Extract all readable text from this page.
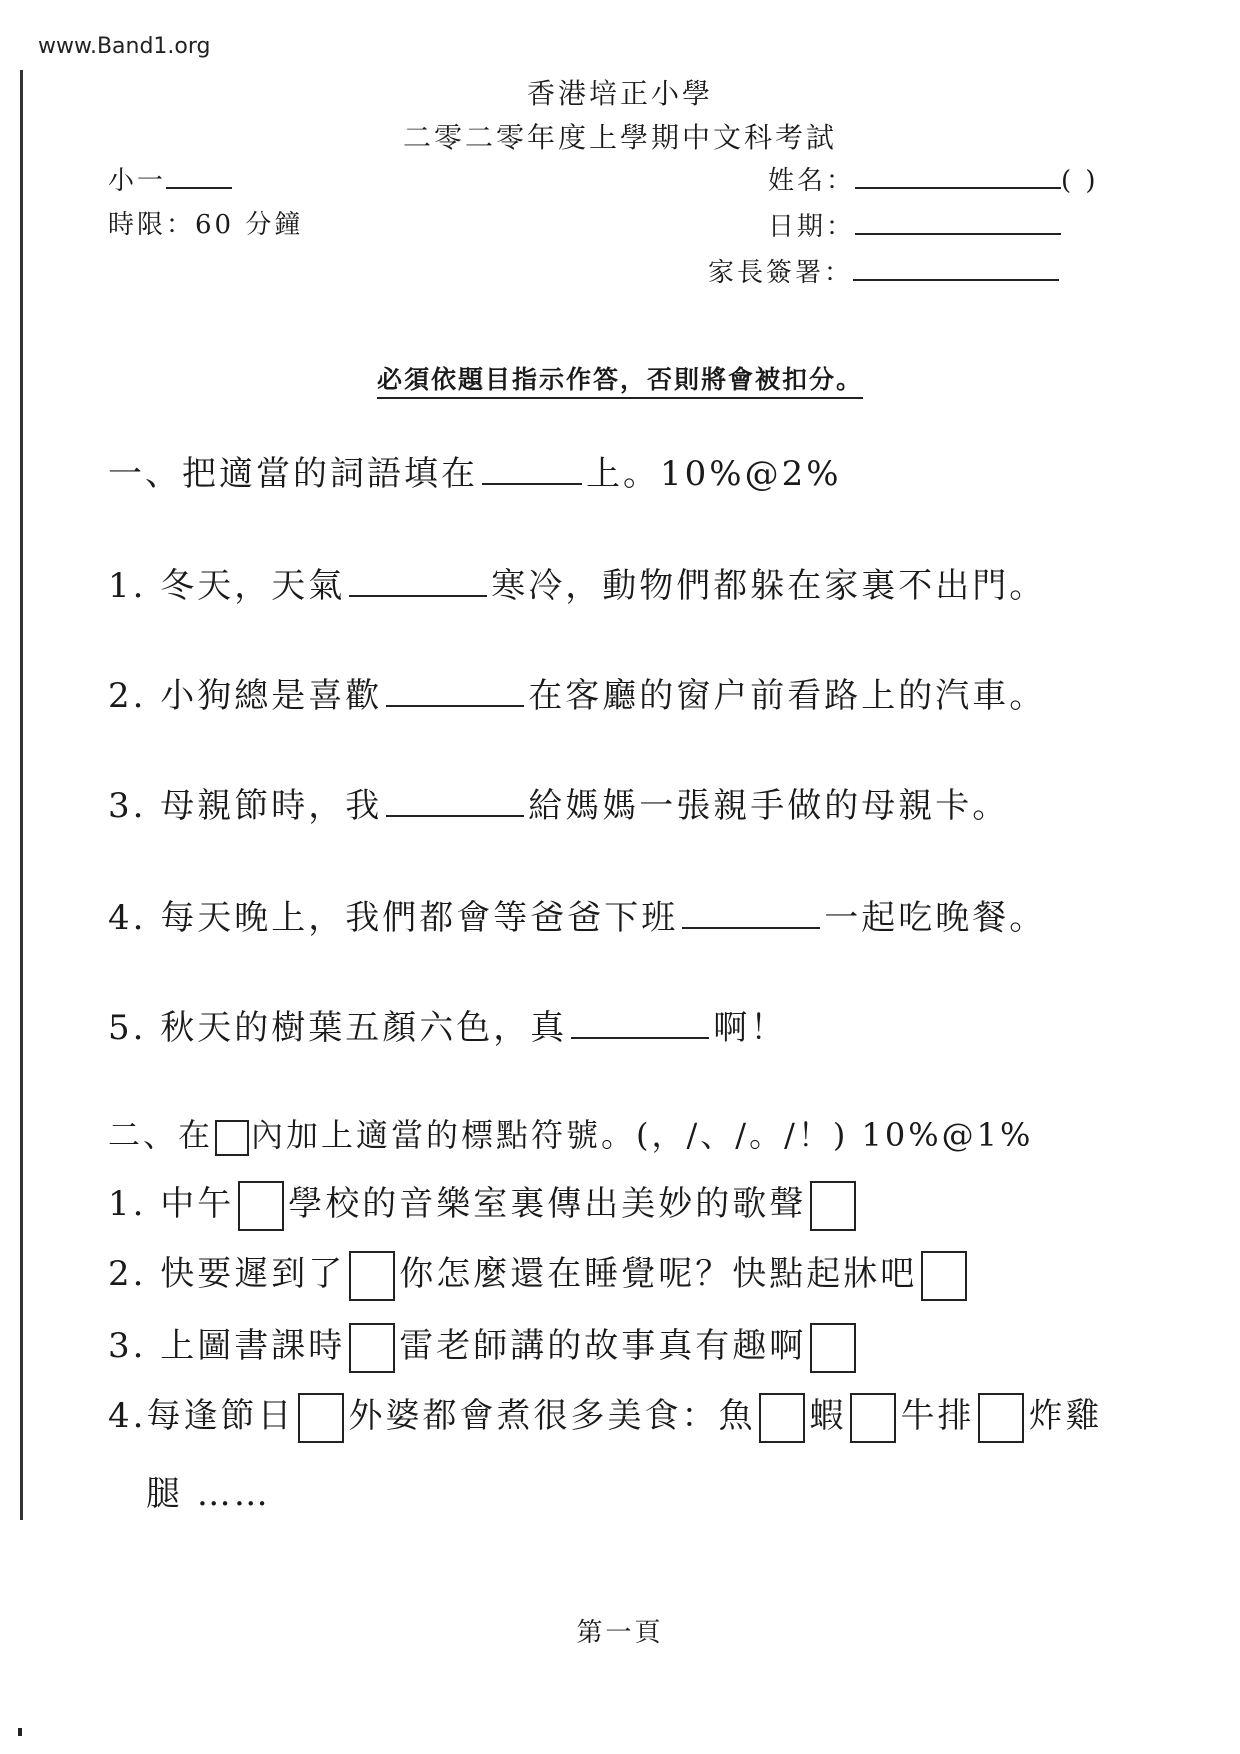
www.Band1.org
香港培正小學
二零二零年度上學期中文科考試
小一
時限：60 分鐘
姓名：	( )
日期：
家長簽署：
必須依題目指示作答，否則將會被扣分。
一、把適當的詞語填在	上。10%@2%
1. 冬天，天氣	寒冷，動物們都躲在家裏不出門。
2. 小狗總是喜歡	在客廳的窗户前看路上的汽車。
3. 母親節時，我	給媽媽一張親手做的母親卡。
4. 每天晚上，我們都會等爸爸下班	一起吃晚餐。
5. 秋天的樹葉五顏六色，真	啊！
二、在 內加上適當的標點符號。(，/、/。/！) 10%@1%
1. 中午 學校的音樂室裏傳出美妙的歌聲
2. 快要遲到了 你怎麼還在睡覺呢？快點起牀吧
3. 上圖書課時 雷老師講的故事真有趣啊
4.每逢節日 外婆都會煮很多美食：魚 蝦 牛排 炸雞
腿 ……
第一頁
